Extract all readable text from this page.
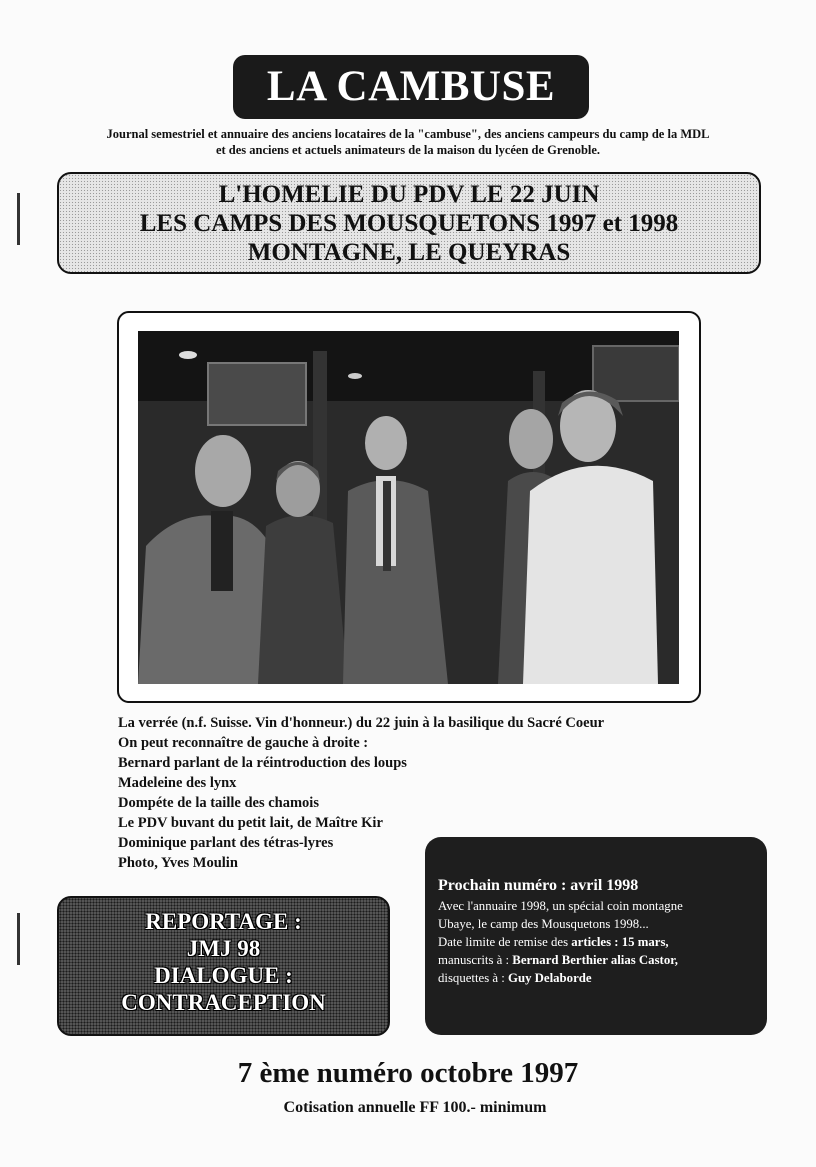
LA CAMBUSE
Journal semestriel et annuaire des anciens locataires de la "cambuse", des anciens campeurs du camp de la MDL
et des anciens et actuels animateurs de la maison du lycéen de Grenoble.
L'HOMELIE DU PDV LE 22 JUIN
LES CAMPS DES MOUSQUETONS 1997 et 1998
MONTAGNE, LE QUEYRAS
La verrée (n.f. Suisse. Vin d'honneur.) du 22 juin à la basilique du Sacré Coeur
On peut reconnaître de gauche à droite :
Bernard parlant de la réintroduction des loups
Madeleine des lynx
Dompéte de la taille des chamois
Le PDV buvant du petit lait, de Maître Kir
Dominique parlant des tétras-lyres
Photo, Yves Moulin
REPORTAGE :
JMJ 98
DIALOGUE :
CONTRACEPTION
Prochain numéro : avril 1998
Avec l'annuaire 1998, un spécial coin montagne
Ubaye, le camp des Mousquetons 1998...
Date limite de remise des articles : 15 mars,
manuscrits à : Bernard Berthier alias Castor,
disquettes à : Guy Delaborde
7 ème numéro octobre 1997
Cotisation annuelle FF 100.- minimum
